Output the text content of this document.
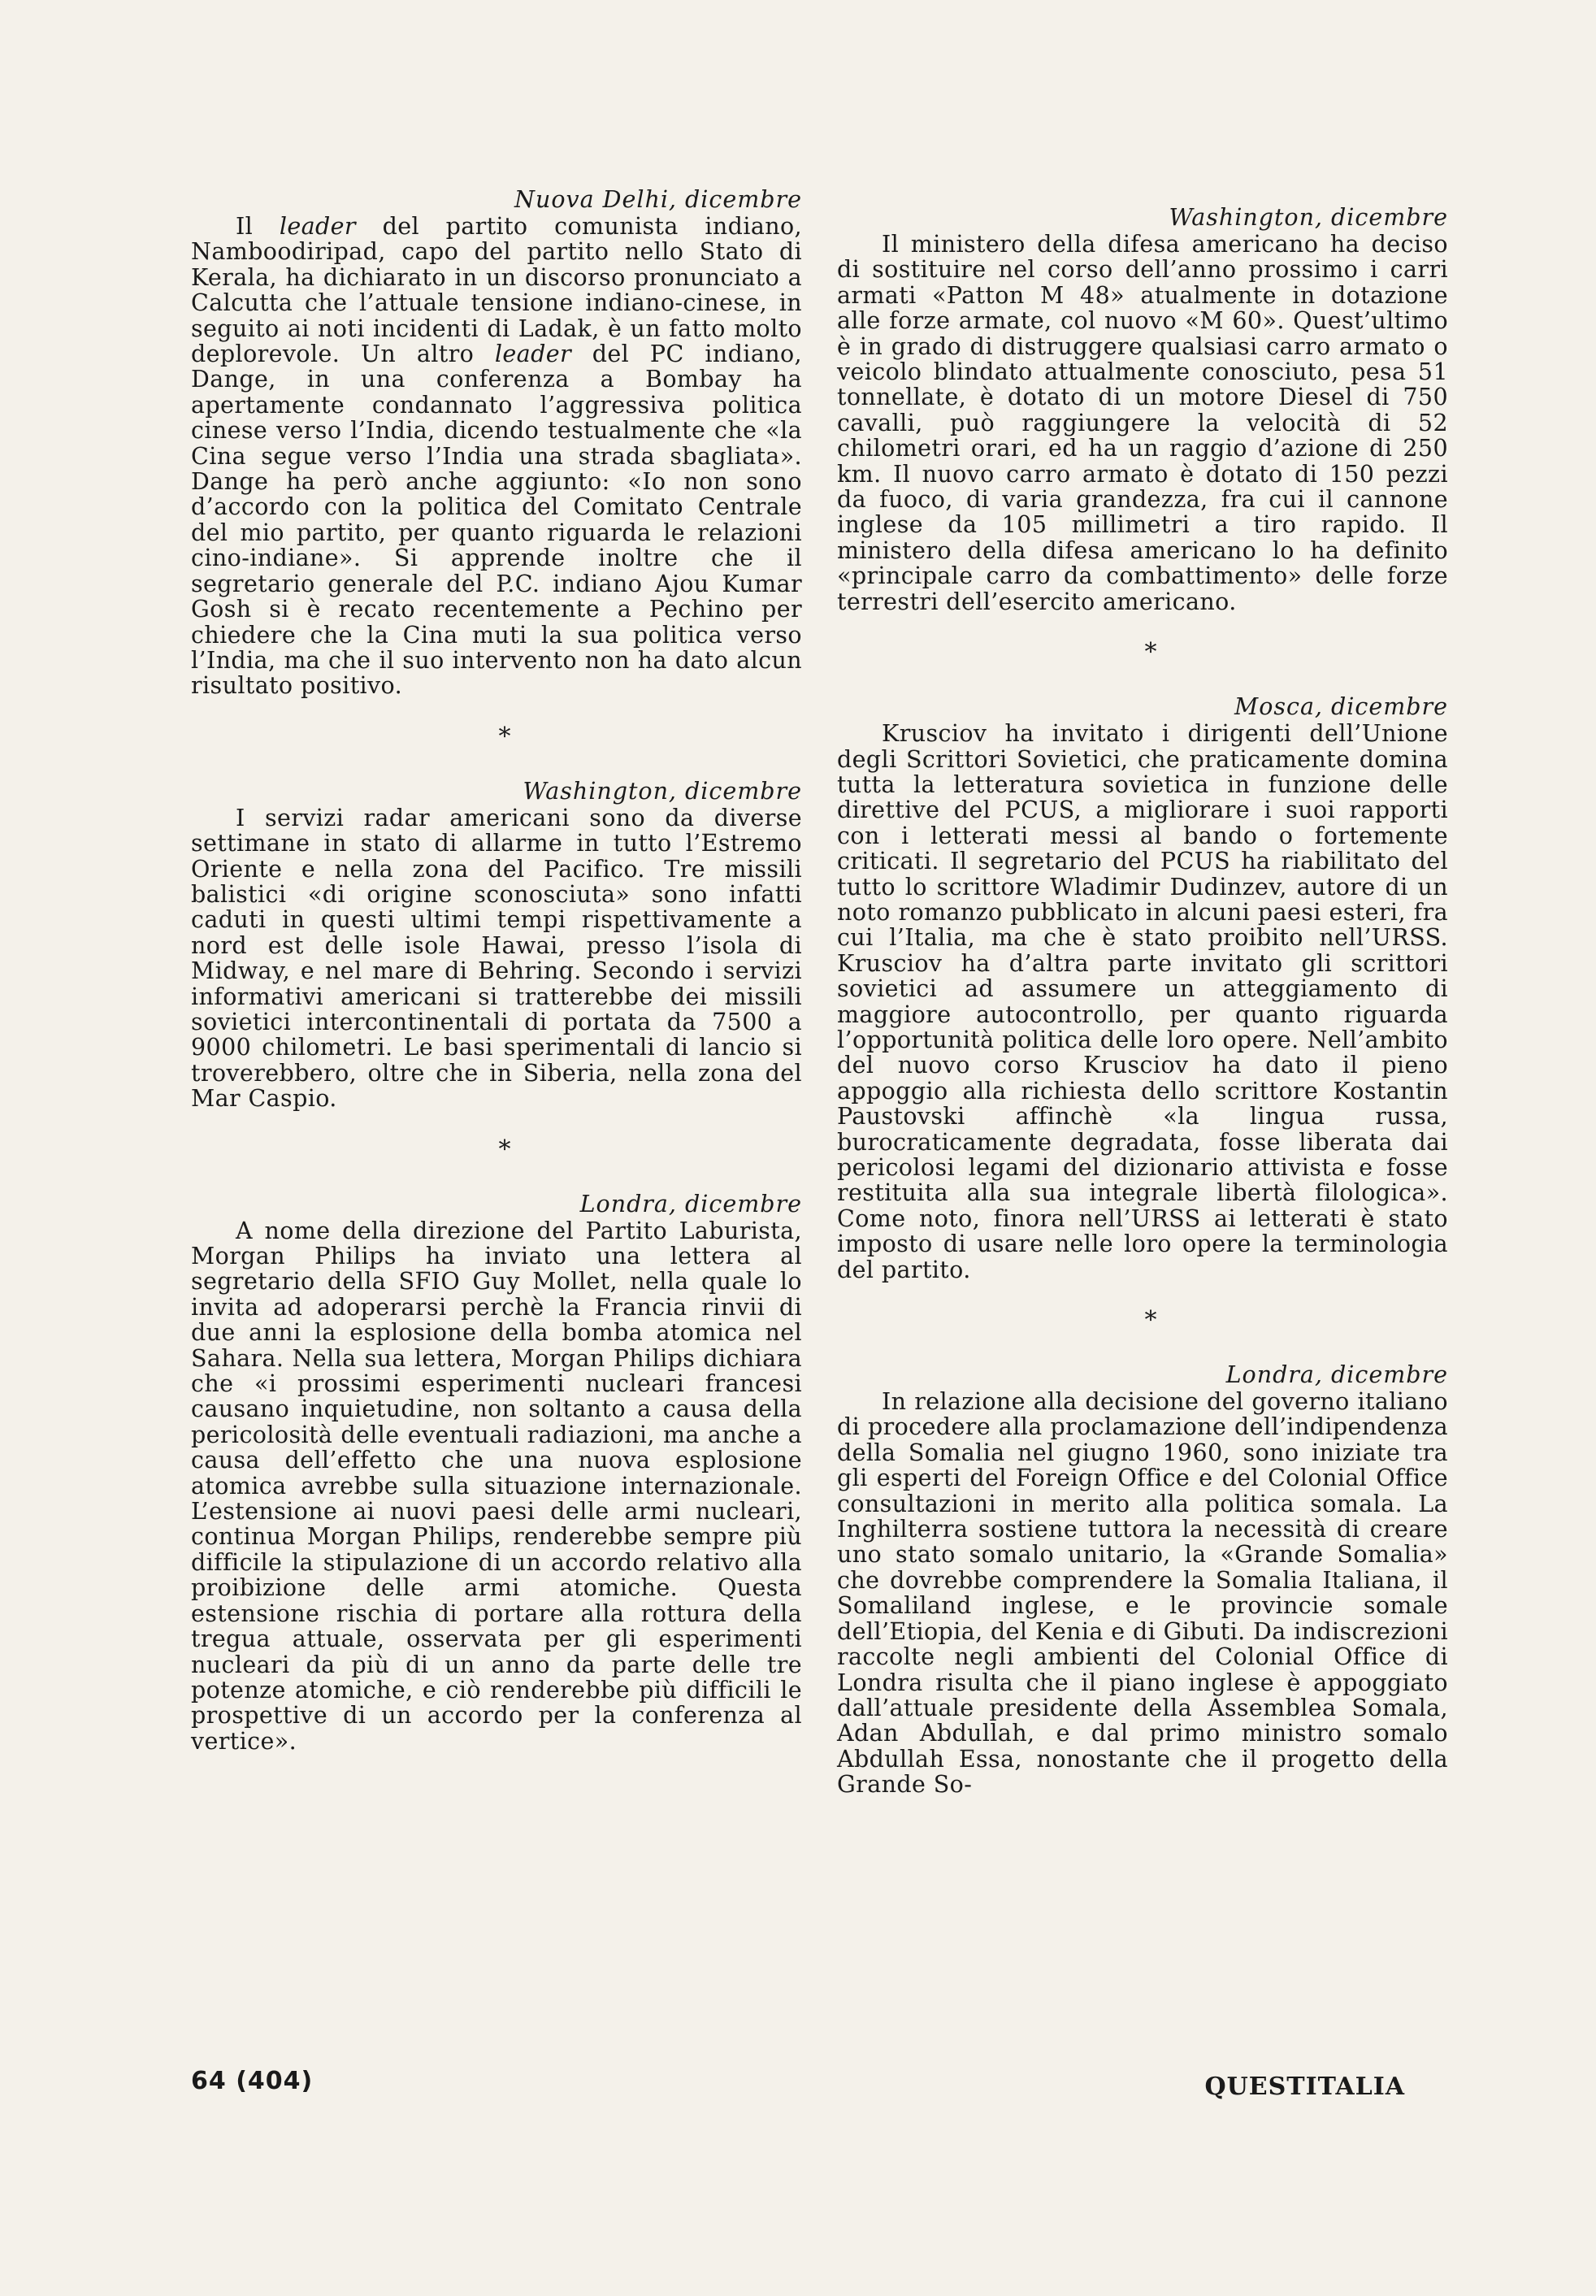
Nuova Delhi, dicembre

Il leader del partito comunista indiano, Namboodiripad, capo del partito nello Stato di Kerala, ha dichiarato in un discorso pronunciato a Calcutta che l’attuale tensione indiano-cinese, in seguito ai noti incidenti di Ladak, è un fatto molto deplorevole. Un altro leader del PC indiano, Dange, in una conferenza a Bombay ha apertamente condannato l’aggressiva politica cinese verso l’India, dicendo testualmente che «la Cina segue verso l’India una strada sbagliata». Dange ha però anche aggiunto: «Io non sono d’accordo con la politica del Comitato Centrale del mio partito, per quanto riguarda le relazioni cino-indiane». Si apprende inoltre che il segretario generale del P.C. indiano Ajou Kumar Gosh si è recato recentemente a Pechino per chiedere che la Cina muti la sua politica verso l’India, ma che il suo intervento non ha dato alcun risultato positivo.

*

Washington, dicembre

I servizi radar americani sono da diverse settimane in stato di allarme in tutto l’Estremo Oriente e nella zona del Pacifico. Tre missili balistici «di origine sconosciuta» sono infatti caduti in questi ultimi tempi rispettivamente a nord est delle isole Hawai, presso l’isola di Midway, e nel mare di Behring. Secondo i servizi informativi americani si tratterebbe dei missili sovietici intercontinentali di portata da 7500 a 9000 chilometri. Le basi sperimentali di lancio si troverebbero, oltre che in Siberia, nella zona del Mar Caspio.

*

Londra, dicembre

A nome della direzione del Partito Laburista, Morgan Philips ha inviato una lettera al segretario della SFIO Guy Mollet, nella quale lo invita ad adoperarsi perchè la Francia rinvii di due anni la esplosione della bomba atomica nel Sahara. Nella sua lettera, Morgan Philips dichiara che «i prossimi esperimenti nucleari francesi causano inquietudine, non soltanto a causa della pericolosità delle eventuali radiazioni, ma anche a causa dell’effetto che una nuova esplosione atomica avrebbe sulla situazione internazionale. L’estensione ai nuovi paesi delle armi nucleari, continua Morgan Philips, renderebbe sempre più difficile la stipulazione di un accordo relativo alla proibizione delle armi atomiche. Questa estensione rischia di portare alla rottura della tregua attuale, osservata per gli esperimenti nucleari da più di un anno da parte delle tre potenze atomiche, e ciò renderebbe più difficili le prospettive di un accordo per la conferenza al vertice».

Washington, dicembre

Il ministero della difesa americano ha deciso di sostituire nel corso dell’anno prossimo i carri armati «Patton M 48» atualmente in dotazione alle forze armate, col nuovo «M 60». Quest’ultimo è in grado di distruggere qualsiasi carro armato o veicolo blindato attualmente conosciuto, pesa 51 tonnellate, è dotato di un motore Diesel di 750 cavalli, può raggiungere la velocità di 52 chilometri orari, ed ha un raggio d’azione di 250 km. Il nuovo carro armato è dotato di 150 pezzi da fuoco, di varia grandezza, fra cui il cannone inglese da 105 millimetri a tiro rapido. Il ministero della difesa americano lo ha definito «principale carro da combattimento» delle forze terrestri dell’esercito americano.

*

Mosca, dicembre

Krusciov ha invitato i dirigenti dell’Unione degli Scrittori Sovietici, che praticamente domina tutta la letteratura sovietica in funzione delle direttive del PCUS, a migliorare i suoi rapporti con i letterati messi al bando o fortemente criticati. Il segretario del PCUS ha riabilitato del tutto lo scrittore Wladimir Dudinzev, autore di un noto romanzo pubblicato in alcuni paesi esteri, fra cui l’Italia, ma che è stato proibito nell’URSS. Krusciov ha d’altra parte invitato gli scrittori sovietici ad assumere un atteggiamento di maggiore autocontrollo, per quanto riguarda l’opportunità politica delle loro opere. Nell’ambito del nuovo corso Krusciov ha dato il pieno appoggio alla richiesta dello scrittore Kostantin Paustovski affinchè «la lingua russa, burocraticamente degradata, fosse liberata dai pericolosi legami del dizionario attivista e fosse restituita alla sua integrale libertà filologica». Come noto, finora nell’URSS ai letterati è stato imposto di usare nelle loro opere la terminologia del partito.

*

Londra, dicembre

In relazione alla decisione del governo italiano di procedere alla proclamazione dell’indipendenza della Somalia nel giugno 1960, sono iniziate tra gli esperti del Foreign Office e del Colonial Office consultazioni in merito alla politica somala. La Inghilterra sostiene tuttora la necessità di creare uno stato somalo unitario, la «Grande Somalia» che dovrebbe comprendere la Somalia Italiana, il Somaliland inglese, e le provincie somale dell’Etiopia, del Kenia e di Gibuti. Da indiscrezioni raccolte negli ambienti del Colonial Office di Londra risulta che il piano inglese è appoggiato dall’attuale presidente della Assemblea Somala, Adan Abdullah, e dal primo ministro somalo Abdullah Essa, nonostante che il progetto della Grande So-

64 (404)	QUESTITALIA
